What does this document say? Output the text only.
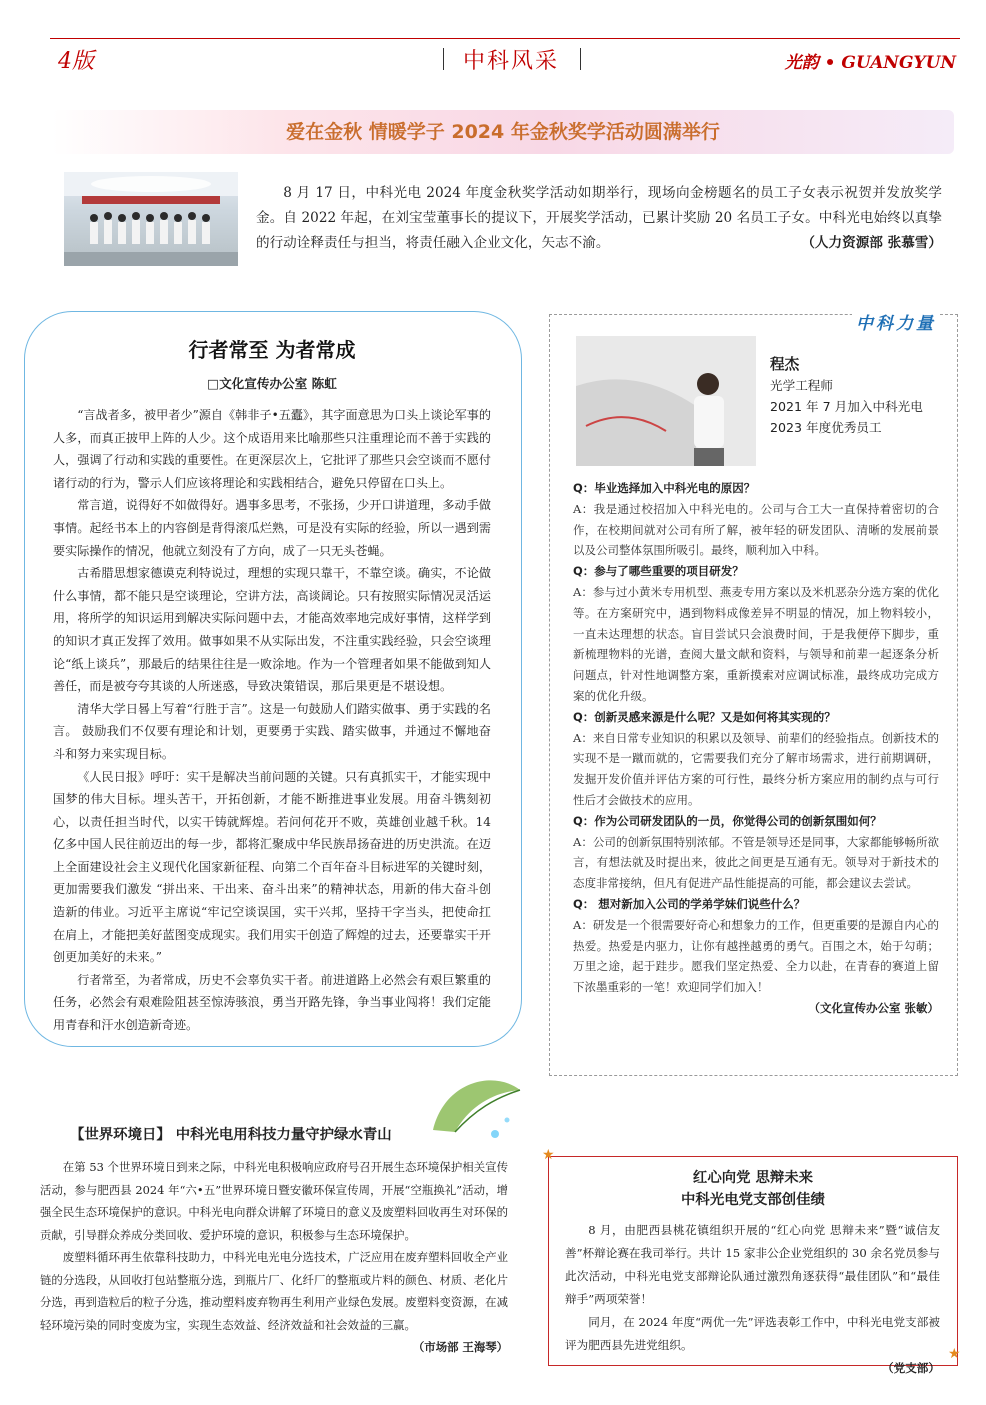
4版	中科风采	光韵 • GUANGYUN
爱在金秋 情暖学子 2024 年金秋奖学活动圆满举行
8 月 17 日，中科光电 2024 年度金秋奖学活动如期举行，现场向金榜题名的员工子女表示祝贺并发放奖学金。自 2022 年起，在刘宝莹董事长的提议下，开展奖学活动，已累计奖励 20 名员工子女。中科光电始终以真挚的行动诠释责任与担当，将责任融入企业文化，矢志不渝。	（人力资源部 张慕雪）
行者常至 为者常成
□文化宣传办公室 陈虹

“言战者多，被甲者少”源自《韩非子•五蠹》，其字面意思为口头上谈论军事的人多，而真正披甲上阵的人少。这个成语用来比喻那些只注重理论而不善于实践的人，强调了行动和实践的重要性。在更深层次上，它批评了那些只会空谈而不愿付诸行动的行为，警示人们应该将理论和实践相结合，避免只停留在口头上。

常言道，说得好不如做得好。遇事多思考，不张扬，少开口讲道理，多动手做事情。起经书本上的内容倒是背得滚瓜烂熟，可是没有实际的经验，所以一遇到需要实际操作的情况，他就立刻没有了方向，成了一只无头苍蝇。

古希腊思想家德谟克利特说过，理想的实现只靠干，不靠空谈。确实，不论做什么事情，都不能只是空谈理论，空讲方法，高谈阔论。只有按照实际情况灵活运用，将所学的知识运用到解决实际问题中去，才能高效率地完成好事情，这样学到的知识才真正发挥了效用。做事如果不从实际出发，不注重实践经验，只会空谈理论“纸上谈兵”，那最后的结果往往是一败涂地。作为一个管理者如果不能做到知人善任，而是被夸夸其谈的人所迷惑，导致决策错误，那后果更是不堪设想。

清华大学日晷上写着“行胜于言”。这是一句鼓励人们踏实做事、勇于实践的名言。 鼓励我们不仅要有理论和计划，更要勇于实践、踏实做事，并通过不懈地奋斗和努力来实现目标。

《人民日报》呼吁：实干是解决当前问题的关键。只有真抓实干，才能实现中国梦的伟大目标。埋头苦干，开拓创新，才能不断推进事业发展。用奋斗镌刻初心，以责任担当时代，以实干铸就辉煌。若问何花开不败，英雄创业越千秋。14 亿多中国人民往前迈出的每一步，都将汇聚成中华民族昂扬奋进的历史洪流。在迈上全面建设社会主义现代化国家新征程、向第二个百年奋斗目标进军的关键时刻，更加需要我们激发 “拼出来、干出来、奋斗出来”的精神状态，用新的伟大奋斗创造新的伟业。习近平主席说“牢记空谈误国，实干兴邦，坚持干字当头，把使命扛在肩上，才能把美好蓝图变成现实。我们用实干创造了辉煌的过去，还要靠实干开创更加美好的未来。”

行者常至，为者常成，历史不会辜负实干者。前进道路上必然会有艰巨繁重的任务，必然会有艰难险阻甚至惊涛骇浪，勇当开路先锋，争当事业闯将！我们定能用青春和汗水创造新奇迹。

中科力量
程杰
光学工程师
2021 年 7 月加入中科光电
2023 年度优秀员工
Q：毕业选择加入中科光电的原因？
A：我是通过校招加入中科光电的。公司与合工大一直保持着密切的合作，在校期间就对公司有所了解，被年轻的研发团队、清晰的发展前景以及公司整体氛围所吸引。最终，顺利加入中科。
Q：参与了哪些重要的项目研发？
A：参与过小黄米专用机型、燕麦专用方案以及米机恶杂分选方案的优化等。在方案研究中，遇到物料成像差异不明显的情况，加上物料较小，一直未达理想的状态。盲目尝试只会浪费时间，于是我便停下脚步，重新梳理物料的光谱，查阅大量文献和资料，与领导和前辈一起逐条分析问题点，针对性地调整方案，重新摸索对应调试标准，最终成功完成方案的优化升级。
Q：创新灵感来源是什么呢？又是如何将其实现的？
A：来自日常专业知识的积累以及领导、前辈们的经验指点。创新技术的实现不是一蹴而就的，它需要我们充分了解市场需求，进行前期调研，发掘开发价值并评估方案的可行性，最终分析方案应用的制约点与可行性后才会做技术的应用。
Q：作为公司研发团队的一员，你觉得公司的创新氛围如何？
A：公司的创新氛围特别浓郁。不管是领导还是同事，大家都能够畅所欲言，有想法就及时提出来，彼此之间更是互通有无。领导对于新技术的态度非常接纳，但凡有促进产品性能提高的可能，都会建议去尝试。
Q： 想对新加入公司的学弟学妹们说些什么？
A：研发是一个很需要好奇心和想象力的工作，但更重要的是源自内心的热爱。热爱是内驱力，让你有越挫越勇的勇气。百围之木，始于勾萌；万里之途，起于跬步。愿我们坚定热爱、全力以赴，在青春的赛道上留下浓墨重彩的一笔！欢迎同学们加入！
（文化宣传办公室 张敏）
【世界环境日】 中科光电用科技力量守护绿水青山

在第 53 个世界环境日到来之际，中科光电积极响应政府号召开展生态环境保护相关宣传活动，参与肥西县 2024 年“六•五”世界环境日暨安徽环保宣传周，开展“空瓶换礼”活动，增强全民生态环境保护的意识。中科光电向群众讲解了环境日的意义及废塑料回收再生对环保的贡献，引导群众养成分类回收、爱护环境的意识，积极参与生态环境保护。

废塑料循环再生依靠科技助力，中科光电光电分选技术，广泛应用在废弃塑料回收全产业链的分选段，从回收打包站整瓶分选，到瓶片厂、化纤厂的整瓶或片料的颜色、材质、老化片分选，再到造粒后的粒子分选，推动塑料废弃物再生利用产业绿色发展。废塑料变资源，在减轻环境污染的同时变废为宝，实现生态效益、经济效益和社会效益的三赢。

（市场部 王海琴）
★
★
红心向党 思辩未来
中科光电党支部创佳绩

8 月，由肥西县桃花镇组织开展的“红心向党 思辩未来”暨“诚信友善”杯辩论赛在我司举行。共计 15 家非公企业党组织的 30 余名党员参与此次活动，中科光电党支部辩论队通过激烈角逐获得“最佳团队”和“最佳辩手”两项荣誉！

同月，在 2024 年度“两优一先”评选表彰工作中，中科光电党支部被评为肥西县先进党组织。

（党支部）
